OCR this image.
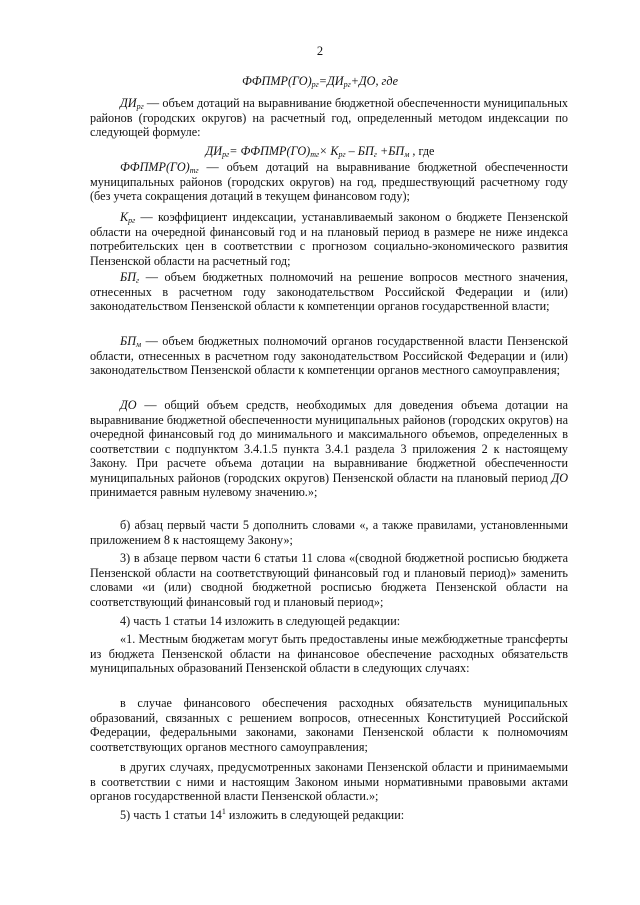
2
$ФФПМР(ГО)_{рг}=ДИ_{рг}+ДО$, где
$ДИ_{рг}$ — объем дотаций на выравнивание бюджетной обеспеченности муниципальных районов (городских округов) на расчетный год, определенный методом индексации по следующей формуле:
$ДИ_{рг}=$ $ФФПМР(ГО)_{тг}\times К_{рг} - БП_г +БП_м$ , где
$ФФПМР(ГО)_{тг}$ — объем дотаций на выравнивание бюджетной обеспеченности муниципальных районов (городских округов) на год, предшествующий расчетному году (без учета сокращения дотаций в текущем финансовом году);
$К_{рг}$ — коэффициент индексации, устанавливаемый законом о бюджете Пензенской области на очередной финансовый год и на плановый период в размере не ниже индекса потребительских цен в соответствии с прогнозом социально-экономического развития Пензенской области на расчетный год;
$БП_г$ — объем бюджетных полномочий на решение вопросов местного значения, отнесенных в расчетном году законодательством Российской Федерации и (или) законодательством Пензенской области к компетенции органов государственной власти;
$БП_м$ — объем бюджетных полномочий органов государственной власти Пензенской области, отнесенных в расчетном году законодательством Российской Федерации и (или) законодательством Пензенской области к компетенции органов местного самоуправления;
ДО — общий объем средств, необходимых для доведения объема дотации на выравнивание бюджетной обеспеченности муниципальных районов (городских округов) на очередной финансовый год до минимального и максимального объемов, определенных в соответствии с подпунктом 3.4.1.5 пункта 3.4.1 раздела 3 приложения 2 к настоящему Закону. При расчете объема дотации на выравнивание бюджетной обеспеченности муниципальных районов (городских округов) Пензенской области на плановый период ДО принимается равным нулевому значению.»;
б) абзац первый части 5 дополнить словами «, а также правилами, установленными приложением 8 к настоящему Закону»;
3) в абзаце первом части 6 статьи 11 слова «(сводной бюджетной росписью бюджета Пензенской области на соответствующий финансовый год и плановый период)» заменить словами «и (или) сводной бюджетной росписью бюджета Пензенской области на соответствующий финансовый год и плановый период»;
4) часть 1 статьи 14 изложить в следующей редакции:
«1. Местным бюджетам могут быть предоставлены иные межбюджетные трансферты из бюджета Пензенской области на финансовое обеспечение расходных обязательств муниципальных образований Пензенской области в следующих случаях:
в случае финансового обеспечения расходных обязательств муниципальных образований, связанных с решением вопросов, отнесенных Конституцией Российской Федерации, федеральными законами, законами Пензенской области к полномочиям соответствующих органов местного самоуправления;
в других случаях, предусмотренных законами Пензенской области и принимаемыми в соответствии с ними и настоящим Законом иными нормативными правовыми актами органов государственной власти Пензенской области.»;
5) часть 1 статьи $14^1$ изложить в следующей редакции:
